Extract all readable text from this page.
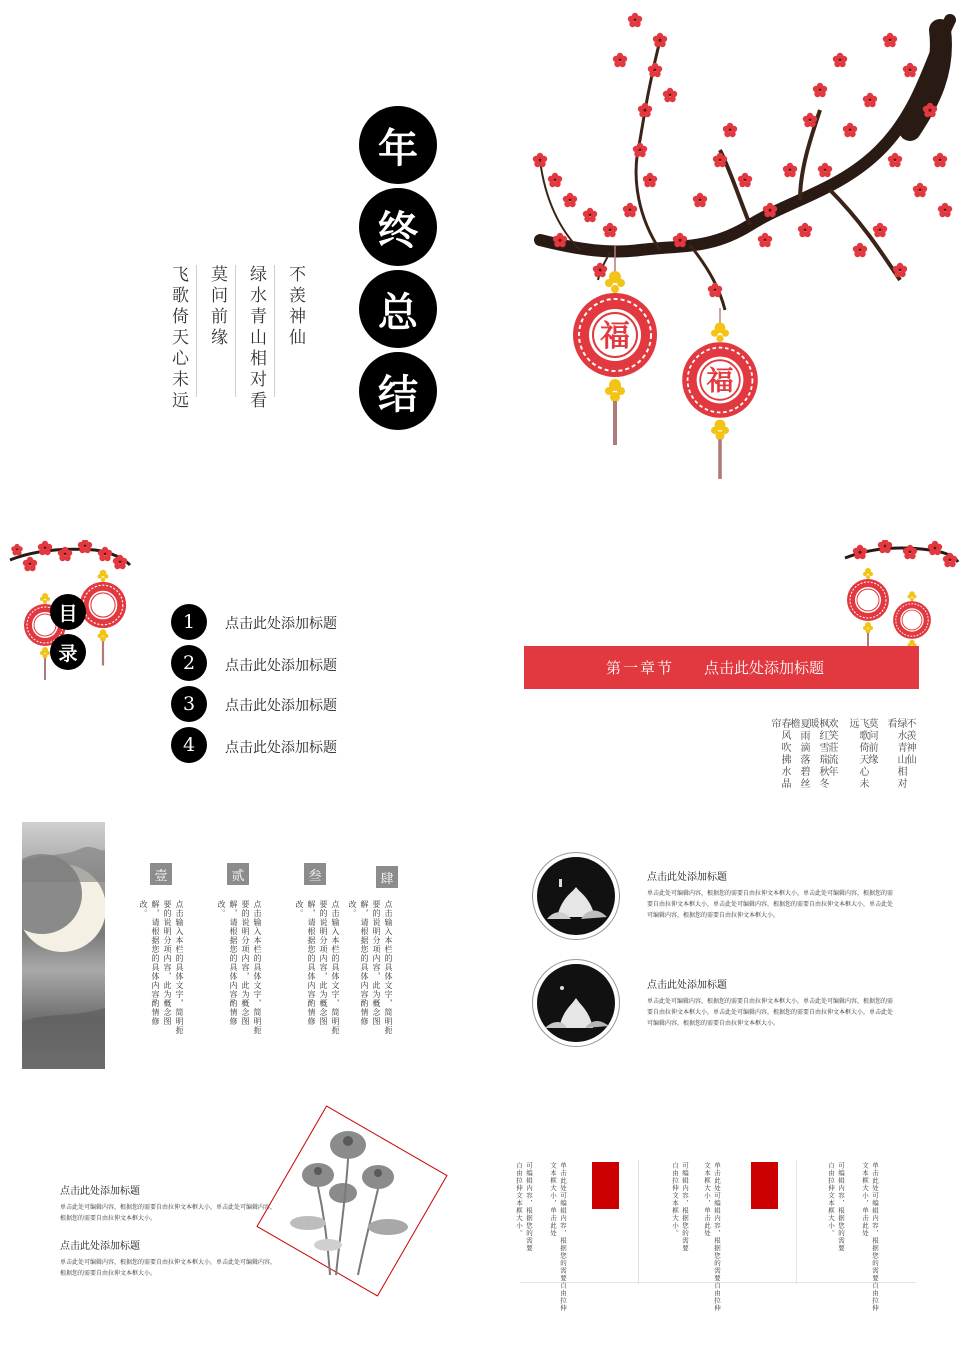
不羡神仙
绿水青山相对看
莫问前缘
飞歌倚天心未远
年
终
总
结
福
福
目
录
1	点击此处添加标题
2	点击此处添加标题
3	点击此处添加标题
4	点击此处添加标题
第一章节 点击此处添加标题
不羡神仙
绿水青山相对看
莫问前缘
飞歌倚天心未远
欢笑莊流年
枫红雪瑞秋冬暖
夏雨滴落碧丝檐
春风吹拂水晶帘
壹
点击输入本栏的具体文字，简明扼要的说明分项内容，此为概念图解，请根据您的具体内容酌情修改。
贰
点击输入本栏的具体文字，简明扼要的说明分项内容，此为概念图解，请根据您的具体内容酌情修改。
叁
点击输入本栏的具体文字，简明扼要的说明分项内容，此为概念图解，请根据您的具体内容酌情修改。
肆
点击输入本栏的具体文字，简明扼要的说明分项内容，此为概念图解，请根据您的具体内容酌情修改。
点击此处添加标题
单击此处可编辑内容，根据您的需要自由拉伸文本框大小，单击此处可编辑内容，根据您的需
要自由拉伸文本框大小，单击此处可编辑内容，根据您的需要自由拉伸文本框大小，单击此处
可编辑内容，根据您的需要自由拉伸文本框大小。
点击此处添加标题
单击此处可编辑内容，根据您的需要自由拉伸文本框大小，单击此处可编辑内容，根据您的需
要自由拉伸文本框大小，单击此处可编辑内容，根据您的需要自由拉伸文本框大小，单击此处
可编辑内容，根据您的需要自由拉伸文本框大小。
点击此处添加标题
单击此处可编辑内容，根据您的需要自由拉伸文本框大小，单击此处可编辑内容，
根据您的需要自由拉伸文本框大小。
点击此处添加标题
单击此处可编辑内容，根据您的需要自由拉伸文本框大小，单击此处可编辑内容，
根据您的需要自由拉伸文本框大小。	单击此处可编辑内容，根据您的需要自由拉伸文本框大小，单击此处
可编辑内容，根据您的需要自由拉伸文本框大小。	单击此处可编辑内容，根据您的需要自由拉伸文本框大小，单击此处
可编辑内容，根据您的需要自由拉伸文本框大小。	单击此处可编辑内容，根据您的需要自由拉伸文本框大小，单击此处
可编辑内容，根据您的需要自由拉伸文本框大小。
